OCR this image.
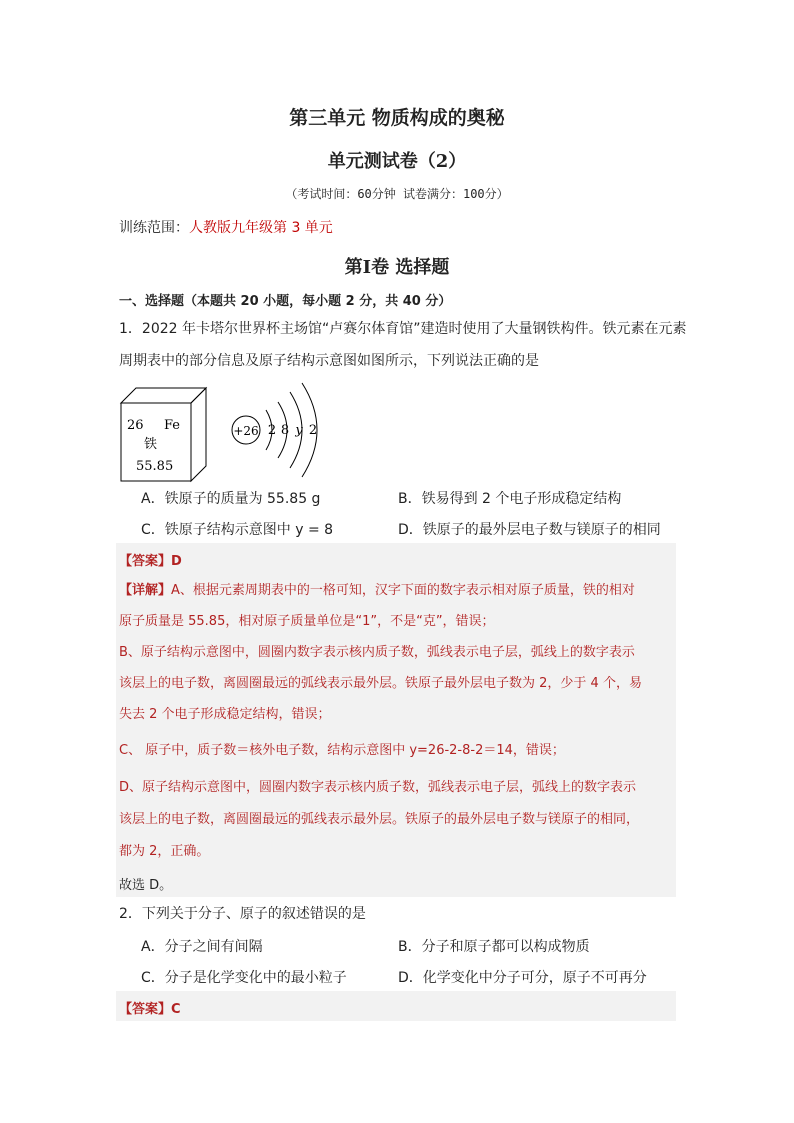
第三单元 物质构成的奥秘
单元测试卷（2）
（考试时间：60分钟 试卷满分：100分）
训练范围：人教版九年级第 3 单元
第Ⅰ卷 选择题
一、选择题（本题共 20 小题，每小题 2 分，共 40 分）
1．2022 年卡塔尔世界杯主场馆“卢赛尔体育馆”建造时使用了大量钢铁构件。铁元素在元素
周期表中的部分信息及原子结构示意图如图所示，下列说法正确的是
26 Fe
铁
55.85
+26 2 8 y 2
A．铁原子的质量为 55.85 g	B．铁易得到 2 个电子形成稳定结构
C．铁原子结构示意图中 y = 8	D．铁原子的最外层电子数与镁原子的相同
【答案】D
【详解】A、根据元素周期表中的一格可知，汉字下面的数字表示相对原子质量，铁的相对
原子质量是 55.85，相对原子质量单位是“1”，不是“克”，错误；
B、原子结构示意图中，圆圈内数字表示核内质子数，弧线表示电子层，弧线上的数字表示
该层上的电子数，离圆圈最远的弧线表示最外层。铁原子最外层电子数为 2，少于 4 个，易
失去 2 个电子形成稳定结构，错误；
C、 原子中，质子数＝核外电子数，结构示意图中 y=26-2-8-2＝14，错误；
D、原子结构示意图中，圆圈内数字表示核内质子数，弧线表示电子层，弧线上的数字表示
该层上的电子数，离圆圈最远的弧线表示最外层。铁原子的最外层电子数与镁原子的相同，
都为 2，正确。
故选 D。
2．下列关于分子、原子的叙述错误的是
A．分子之间有间隔	B．分子和原子都可以构成物质
C．分子是化学变化中的最小粒子	D．化学变化中分子可分，原子不可再分
【答案】C
